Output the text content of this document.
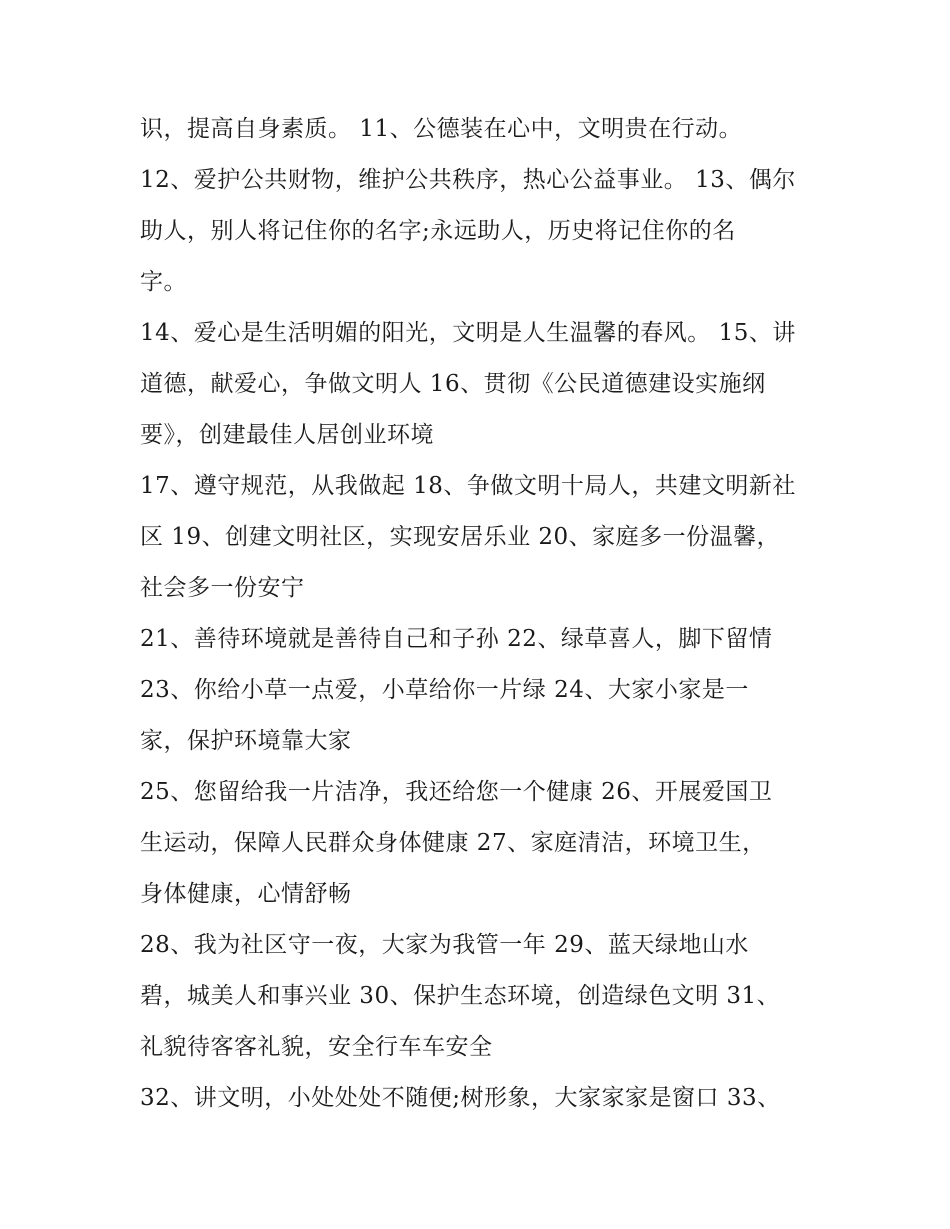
识，提高自身素质。 11、公德装在心中，文明贵在行动。
12、爱护公共财物，维护公共秩序，热心公益事业。 13、偶尔
助人，别人将记住你的名字;永远助人，历史将记住你的名
字。
14、爱心是生活明媚的阳光，文明是人生温馨的春风。 15、讲
道德，献爱心，争做文明人 16、贯彻《公民道德建设实施纲
要》，创建最佳人居创业环境
17、遵守规范，从我做起 18、争做文明十局人，共建文明新社
区 19、创建文明社区，实现安居乐业 20、家庭多一份温馨，
社会多一份安宁
21、善待环境就是善待自己和子孙 22、绿草喜人，脚下留情
23、你给小草一点爱，小草给你一片绿 24、大家小家是一
家，保护环境靠大家
25、您留给我一片洁净，我还给您一个健康 26、开展爱国卫
生运动，保障人民群众身体健康 27、家庭清洁，环境卫生，
身体健康，心情舒畅
28、我为社区守一夜，大家为我管一年 29、蓝天绿地山水
碧，城美人和事兴业 30、保护生态环境，创造绿色文明 31、
礼貌待客客礼貌，安全行车车安全
32、讲文明，小处处处不随便;树形象，大家家家是窗口 33、
